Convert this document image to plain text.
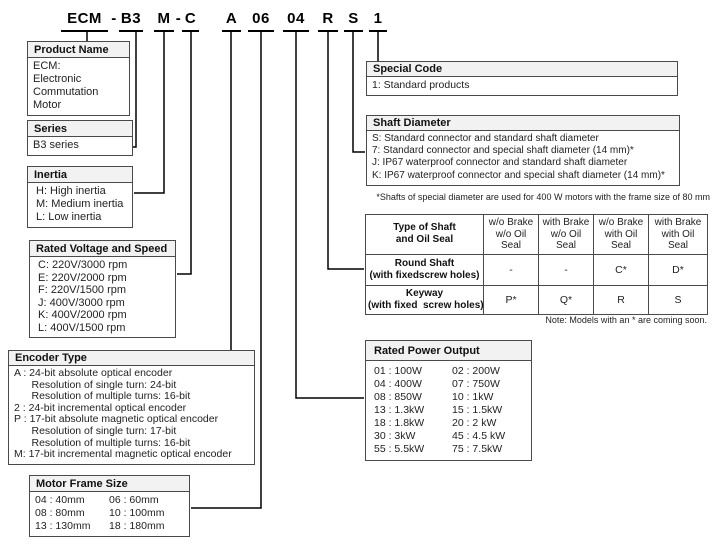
ECM - B3 M - C A 06 04 R S 1
Product Name
ECM:
Electronic
Commutation
Motor
Series
B3 series
Inertia
H: High inertia
M: Medium inertia
L: Low inertia
Rated Voltage and Speed
C: 220V/3000 rpm
E: 220V/2000 rpm
F: 220V/1500 rpm
J: 400V/3000 rpm
K: 400V/2000 rpm
L: 400V/1500 rpm
Encoder Type
A : 24-bit absolute optical encoder
Resolution of single turn: 24-bit
Resolution of multiple turns: 16-bit
2 : 24-bit incremental optical encoder
P : 17-bit absolute magnetic optical encoder
Resolution of single turn: 17-bit
Resolution of multiple turns: 16-bit
M: 17-bit incremental magnetic optical encoder
Motor Frame Size
04 : 40mm	06 : 60mm
08 : 80mm	10 : 100mm
13 : 130mm	18 : 180mm
Special Code
1: Standard products
Shaft Diameter
S: Standard connector and standard shaft diameter
7: Standard connector and special shaft diameter (14 mm)*
J: IP67 waterproof connector and standard shaft diameter
K: IP67 waterproof connector and special shaft diameter (14 mm)*
*Shafts of special diameter are used for 400 W motors with the frame size of 80 mm
Type of Shaft
and Oil Seal	w/o Brake w/o Oil Seal	with Brake w/o Oil Seal	w/o Brake with Oil Seal	with Brake with Oil Seal

Round Shaft
(with fixedscrew holes)	-	-	C*	D*

Keyway
(with fixed  screw holes)	P*	Q*	R	S
Note: Models with an * are coming soon.
Rated Power Output
01 : 100W	02 : 200W
04 : 400W	07 : 750W
08 : 850W	10 : 1kW
13 : 1.3kW	15 : 1.5kW
18 : 1.8kW	20 : 2 kW
30 : 3kW	45 : 4.5 kW
55 : 5.5kW	75 : 7.5kW
